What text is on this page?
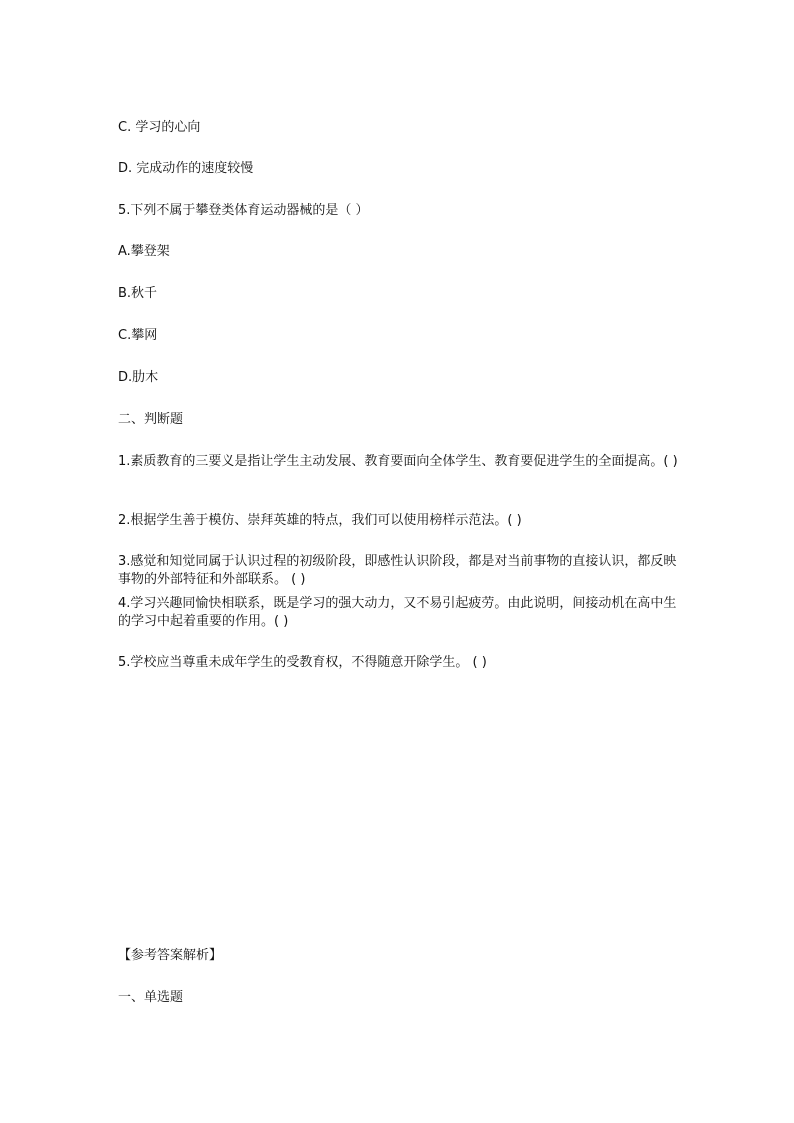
C. 学习的心向

D. 完成动作的速度较慢

5.下列不属于攀登类体育运动器械的是（ ）

A.攀登架

B.秋千

C.攀网

D.肋木

二、判断题

1.素质教育的三要义是指让学生主动发展、教育要面向全体学生、教育要促进学生的全面提高。( )

2.根据学生善于模仿、崇拜英雄的特点，我们可以使用榜样示范法。( )

3.感觉和知觉同属于认识过程的初级阶段，即感性认识阶段，都是对当前事物的直接认识，都反映事物的外部特征和外部联系。 ( )

4.学习兴趣同愉快相联系，既是学习的强大动力，又不易引起疲劳。由此说明，间接动机在高中生的学习中起着重要的作用。( )

5.学校应当尊重未成年学生的受教育权，不得随意开除学生。 ( )

【参考答案解析】

一、单选题
